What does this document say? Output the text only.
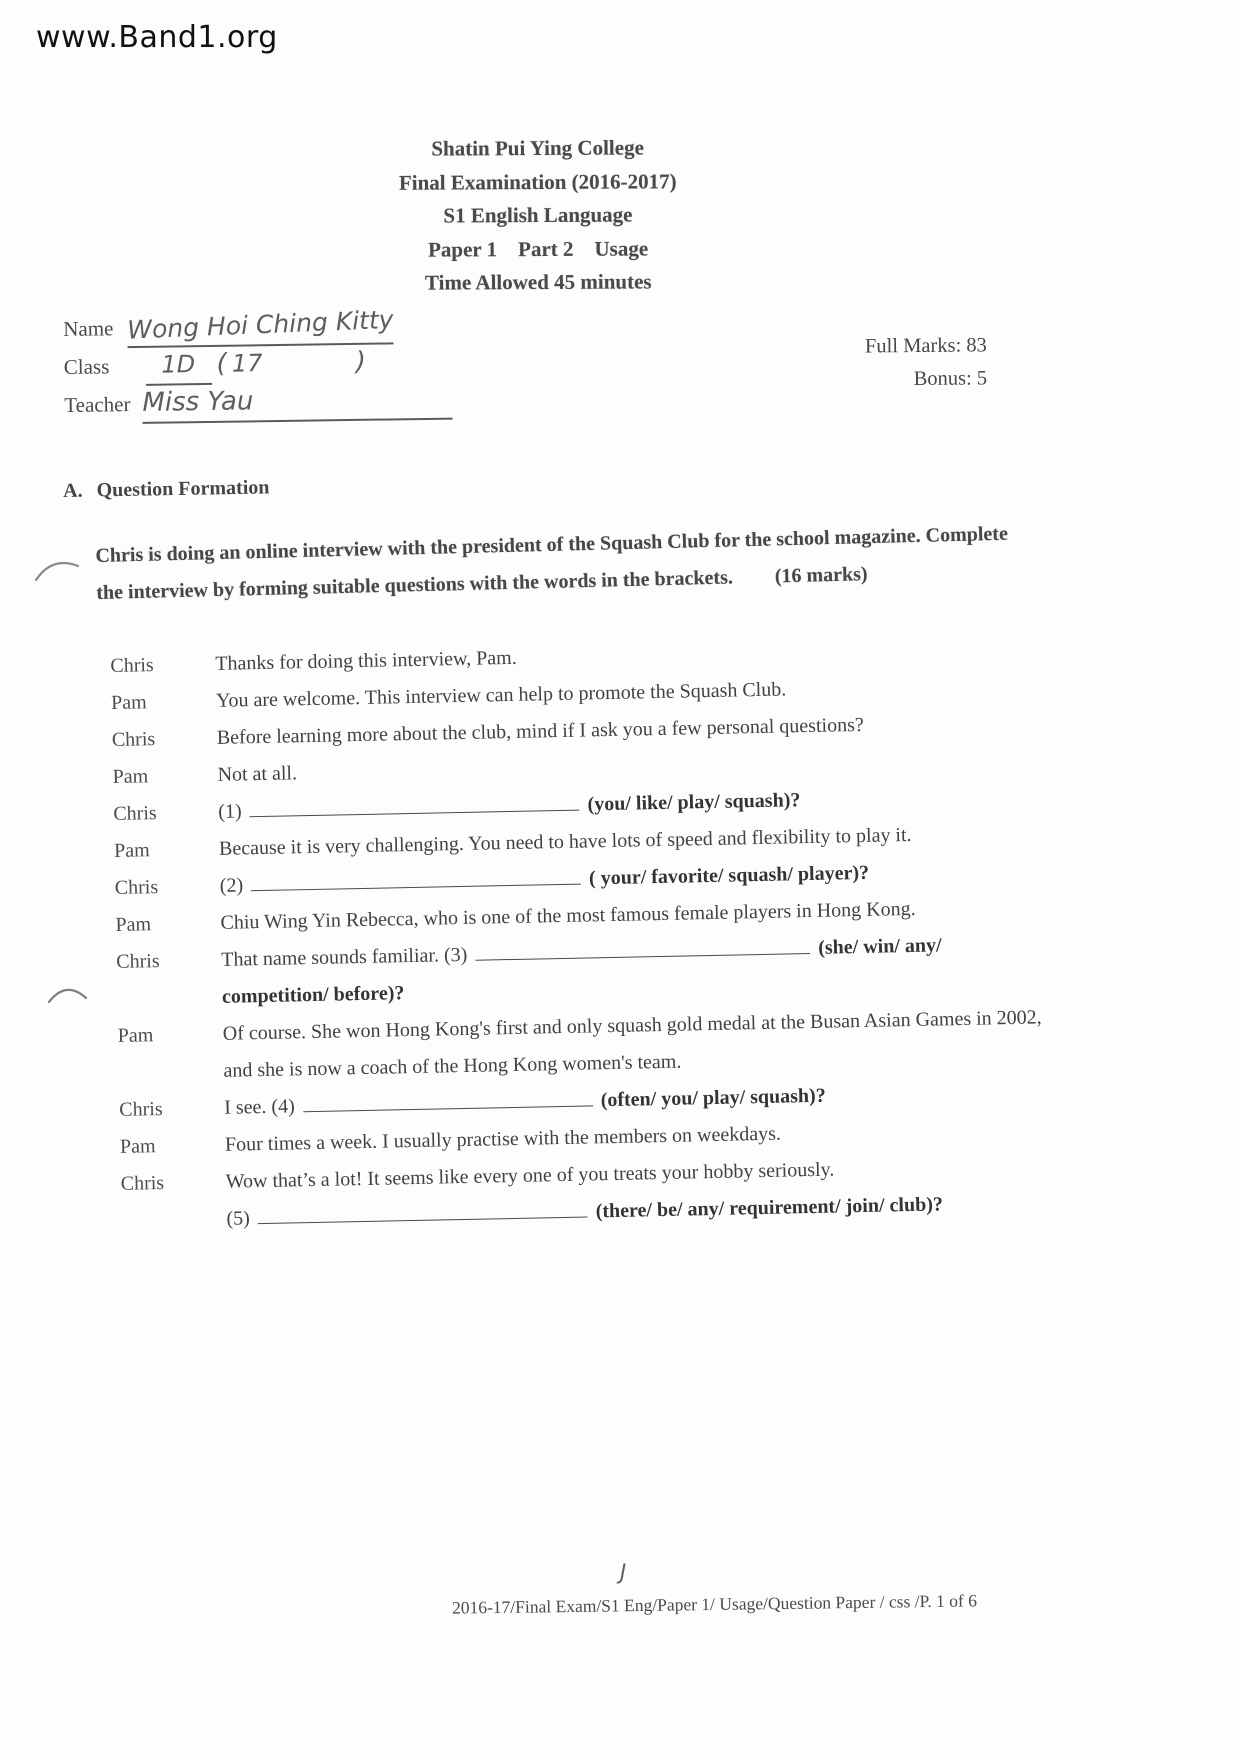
www.Band1.org
Shatin Pui Ying College
Final Examination (2016-2017)
S1 English Language
Paper 1    Part 2    Usage
Time Allowed 45 minutes
Name Wong Hoi Ching Kitty
Class 1D ( 17	)
Teacher Miss Yau
Full Marks: 83
Bonus: 5
A. Question Formation

Chris is doing an online interview with the president of the Squash Club for the school magazine. Complete the interview by forming suitable questions with the words in the brackets. (16 marks)

Chris	Thanks for doing this interview, Pam.

Pam	You are welcome. This interview can help to promote the Squash Club.

Chris	Before learning more about the club, mind if I ask you a few personal questions?

Pam	Not at all.

Chris	(1)	(you/ like/ play/ squash)?

Pam	Because it is very challenging. You need to have lots of speed and flexibility to play it.

Chris	(2)	( your/ favorite/ squash/ player)?

Pam	Chiu Wing Yin Rebecca, who is one of the most famous female players in Hong Kong.

Chris	That name sounds familiar. (3)	(she/ win/ any/ competition/ before)?

Pam	Of course. She won Hong Kong's first and only squash gold medal at the Busan Asian Games in 2002, and she is now a coach of the Hong Kong women's team.

Chris	I see. (4)	(often/ you/ play/ squash)?

Pam	Four times a week. I usually practise with the members on weekdays.

Chris	Wow that’s a lot! It seems like every one of you treats your hobby seriously.

(5)	(there/ be/ any/ requirement/ join/ club)?

J
2016-17/Final Exam/S1 Eng/Paper 1/ Usage/Question Paper / css /P. 1 of 6
